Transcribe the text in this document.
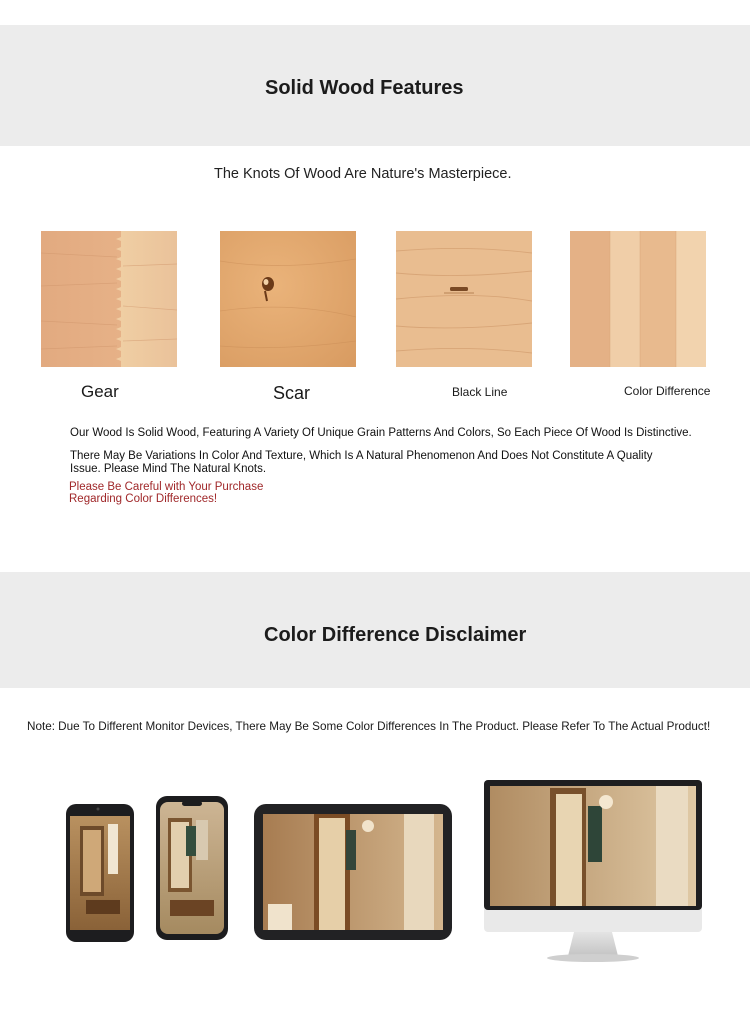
Solid Wood Features
The Knots Of Wood Are Nature's Masterpiece.
Gear	Scar	Black Line	Color Difference
Our Wood Is Solid Wood, Featuring A Variety Of Unique Grain Patterns And Colors, So Each Piece Of Wood Is Distinctive.
There May Be Variations In Color And Texture, Which Is A Natural Phenomenon And Does Not Constitute A Quality Issue. Please Mind The Natural Knots.
Please Be Careful with Your Purchase
Regarding Color Differences!
Color Difference Disclaimer
Note: Due To Different Monitor Devices, There May Be Some Color Differences In The Product. Please Refer To The Actual Product!
